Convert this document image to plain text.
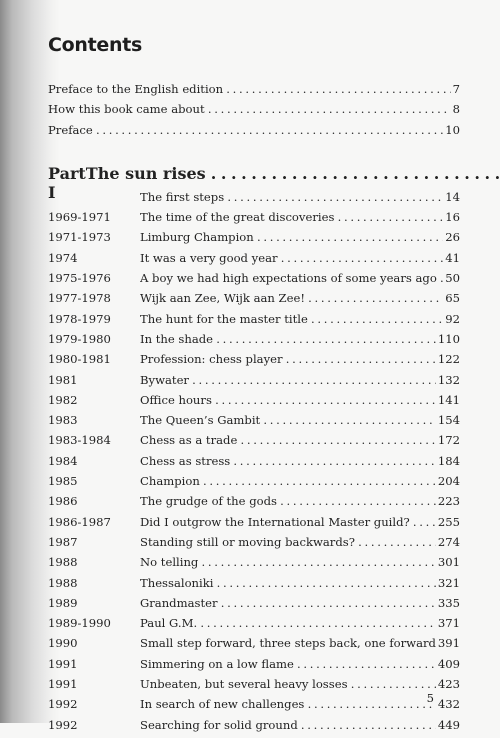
Contents
Preface to the English edition . . .	7
How this book came about . . .	8
Preface . . .	10
Part I
The sun rises . . .
The first steps . . .	14
1969-1971	The time of the great discoveries . . .	16
1971-1973	Limburg Champion . . .	26
1974	It was a very good year . . .	41
1975-1976	A boy we had high expectations of some years ago . . . 50
1977-1978	Wijk aan Zee, Wijk aan Zee! . . .	65
1978-1979	The hunt for the master title . . .	92
1979-1980	In the shade . . .	110
1980-1981	Profession: chess player . . .	122
1981	Bywater . . .	132
1982	Office hours . . .	141
1983	The Queen’s Gambit . . .	154
1983-1984	Chess as a trade . . .	172
1984	Chess as stress . . .	184
1985	Champion . . .	204
1986	The grudge of the gods . . .	223
1986-1987	Did I outgrow the International Master guild? . . .	255
1987	Standing still or moving backwards? . . .	274
1988	No telling . . .	301
1988	Thessaloniki . . .	321
1989	Grandmaster . . .	335
1989-1990	Paul G.M. . . .	371
1990	Small step forward, three steps back, one forward . . . 391
1991	Simmering on a low flame . . .	409
1991	Unbeaten, but several heavy losses . . .	423
1992	In search of new challenges . . .	432
1992	Searching for solid ground . . .	449
5
